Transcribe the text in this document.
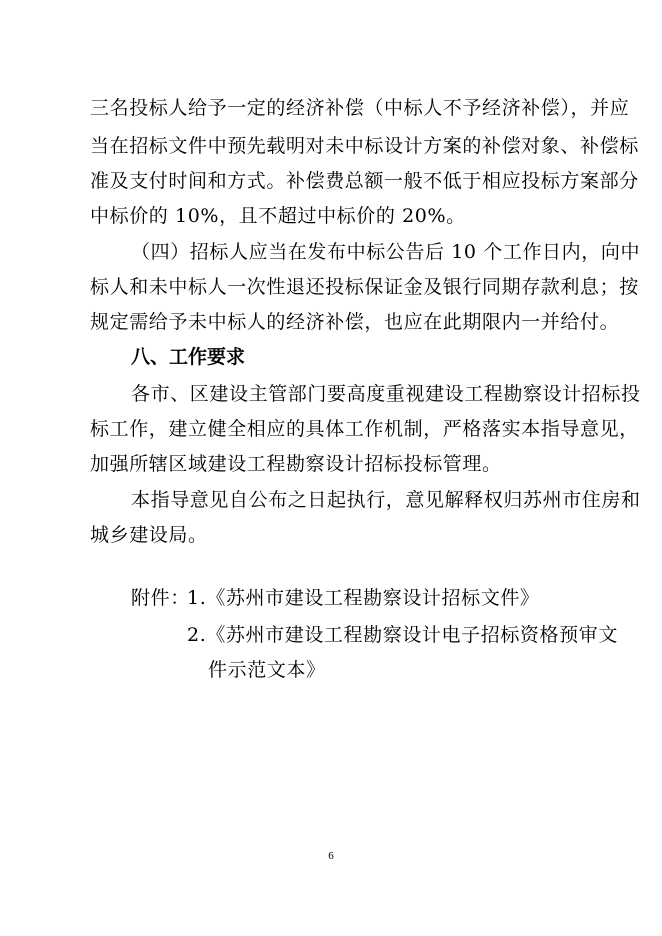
三名投标人给予一定的经济补偿（中标人不予经济补偿），并应
当在招标文件中预先载明对未中标设计方案的补偿对象、补偿标
准及支付时间和方式。补偿费总额一般不低于相应投标方案部分
中标价的 10%，且不超过中标价的 20%。
（四）招标人应当在发布中标公告后 10 个工作日内，向中
标人和未中标人一次性退还投标保证金及银行同期存款利息；按
规定需给予未中标人的经济补偿，也应在此期限内一并给付。
八、工作要求
各市、区建设主管部门要高度重视建设工程勘察设计招标投
标工作，建立健全相应的具体工作机制，严格落实本指导意见，
加强所辖区域建设工程勘察设计招标投标管理。
本指导意见自公布之日起执行，意见解释权归苏州市住房和
城乡建设局。
附件：
1.《苏州市建设工程勘察设计招标文件》
2.《苏州市建设工程勘察设计电子招标资格预审文
件示范文本》
6
